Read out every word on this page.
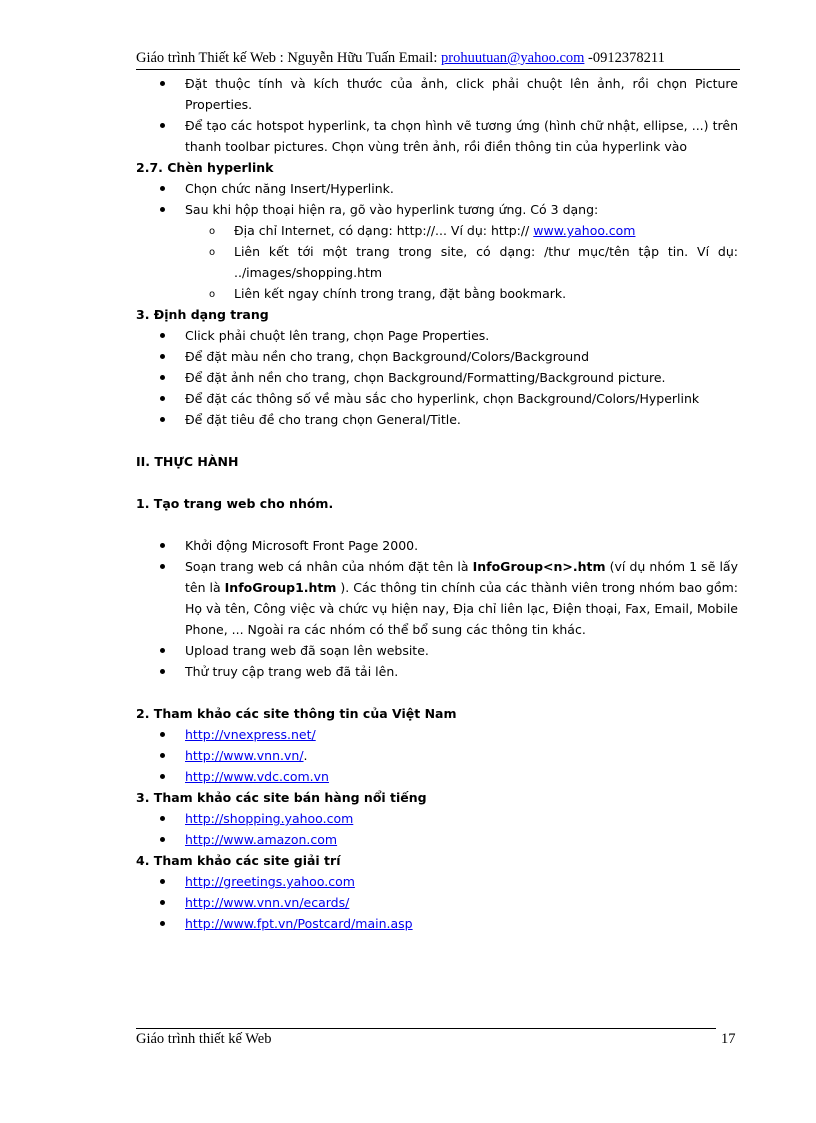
Giáo trình Thiết kế Web : Nguyễn Hữu Tuấn Email: prohuutuan@yahoo.com -0912378211
Đặt thuộc tính và kích thước của ảnh, click phải chuột lên ảnh, rồi chọn Picture Properties.
Để tạo các hotspot hyperlink, ta chọn hình vẽ tương ứng (hình chữ nhật, ellipse, ...) trên thanh toolbar pictures. Chọn vùng trên ảnh, rồi điền thông tin của hyperlink vào

2.7. Chèn hyperlink

Chọn chức năng Insert/Hyperlink.
Sau khi hộp thoại hiện ra, gõ vào hyperlink tương ứng. Có 3 dạng:
o Địa chỉ Internet, có dạng: http://... Ví dụ: http:// www.yahoo.com
o Liên kết tới một trang trong site, có dạng: /thư mục/tên tập tin. Ví dụ: ../images/shopping.htm
o Liên kết ngay chính trong trang, đặt bằng bookmark.

3. Định dạng trang

Click phải chuột lên trang, chọn Page Properties.
Để đặt màu nền cho trang, chọn Background/Colors/Background
Để đặt ảnh nền cho trang, chọn Background/Formatting/Background picture.
Để đặt các thông số về màu sắc cho hyperlink, chọn Background/Colors/Hyperlink
Để đặt tiêu đề cho trang chọn General/Title.

II. THỰC HÀNH

1. Tạo trang web cho nhóm.

Khởi động Microsoft Front Page 2000.
Soạn trang web cá nhân của nhóm đặt tên là InfoGroup<n>.htm (ví dụ nhóm 1 sẽ lấy tên là InfoGroup1.htm ). Các thông tin chính của các thành viên trong nhóm bao gồm: Họ và tên, Công việc và chức vụ hiện nay, Địa chỉ liên lạc, Điện thoại, Fax, Email, Mobile Phone, ... Ngoài ra các nhóm có thể bổ sung các thông tin khác.
Upload trang web đã soạn lên website.
Thử truy cập trang web đã tải lên.

2. Tham khảo các site thông tin của Việt Nam

http://vnexpress.net/
http://www.vnn.vn/.
http://www.vdc.com.vn

3. Tham khảo các site bán hàng nổi tiếng

http://shopping.yahoo.com
http://www.amazon.com

4. Tham khảo các site giải trí

http://greetings.yahoo.com
http://www.vnn.vn/ecards/
http://www.fpt.vn/Postcard/main.asp
Giáo trình thiết kế Web	17
